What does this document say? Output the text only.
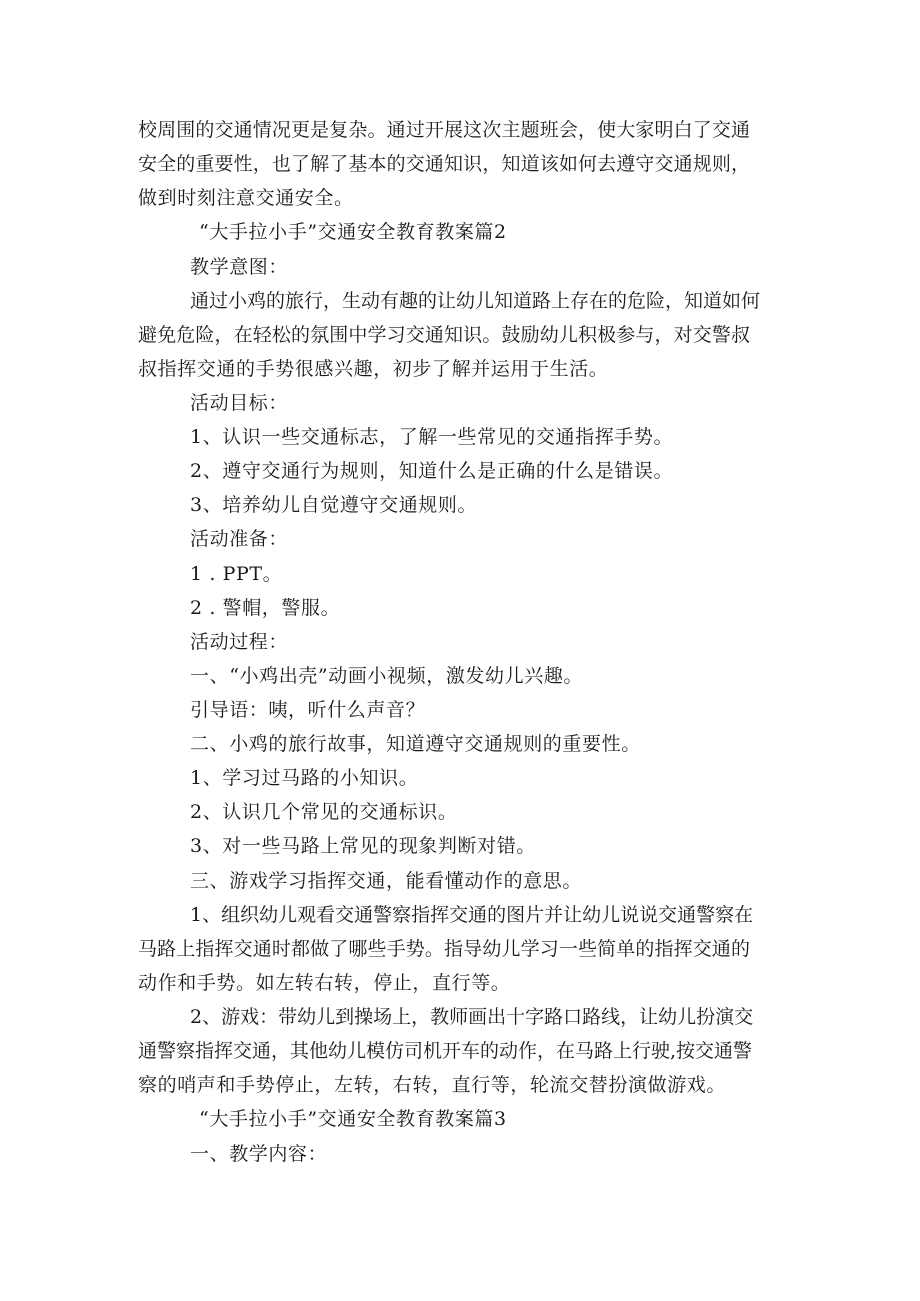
校周围的交通情况更是复杂。通过开展这次主题班会，使大家明白了交通
安全的重要性，也了解了基本的交通知识，知道该如何去遵守交通规则，
做到时刻注意交通安全。
“大手拉小手”交通安全教育教案篇2
教学意图：
通过小鸡的旅行，生动有趣的让幼儿知道路上存在的危险，知道如何
避免危险，在轻松的氛围中学习交通知识。鼓励幼儿积极参与，对交警叔
叔指挥交通的手势很感兴趣，初步了解并运用于生活。
活动目标：
1、认识一些交通标志，了解一些常见的交通指挥手势。
2、遵守交通行为规则，知道什么是正确的什么是错误。
3、培养幼儿自觉遵守交通规则。
活动准备：
1 . PPT。
2 . 警帽，警服。
活动过程：
一、“小鸡出壳”动画小视频，激发幼儿兴趣。
引导语：咦，听什么声音？
二、小鸡的旅行故事，知道遵守交通规则的重要性。
1、学习过马路的小知识。
2、认识几个常见的交通标识。
3、对一些马路上常见的现象判断对错。
三、游戏学习指挥交通，能看懂动作的意思。
1、组织幼儿观看交通警察指挥交通的图片并让幼儿说说交通警察在
马路上指挥交通时都做了哪些手势。指导幼儿学习一些简单的指挥交通的
动作和手势。如左转右转，停止，直行等。
2、游戏：带幼儿到操场上，教师画出十字路口路线，让幼儿扮演交
通警察指挥交通，其他幼儿模仿司机开车的动作，在马路上行驶,按交通警
察的哨声和手势停止，左转，右转，直行等，轮流交替扮演做游戏。
“大手拉小手”交通安全教育教案篇3
一、教学内容：
